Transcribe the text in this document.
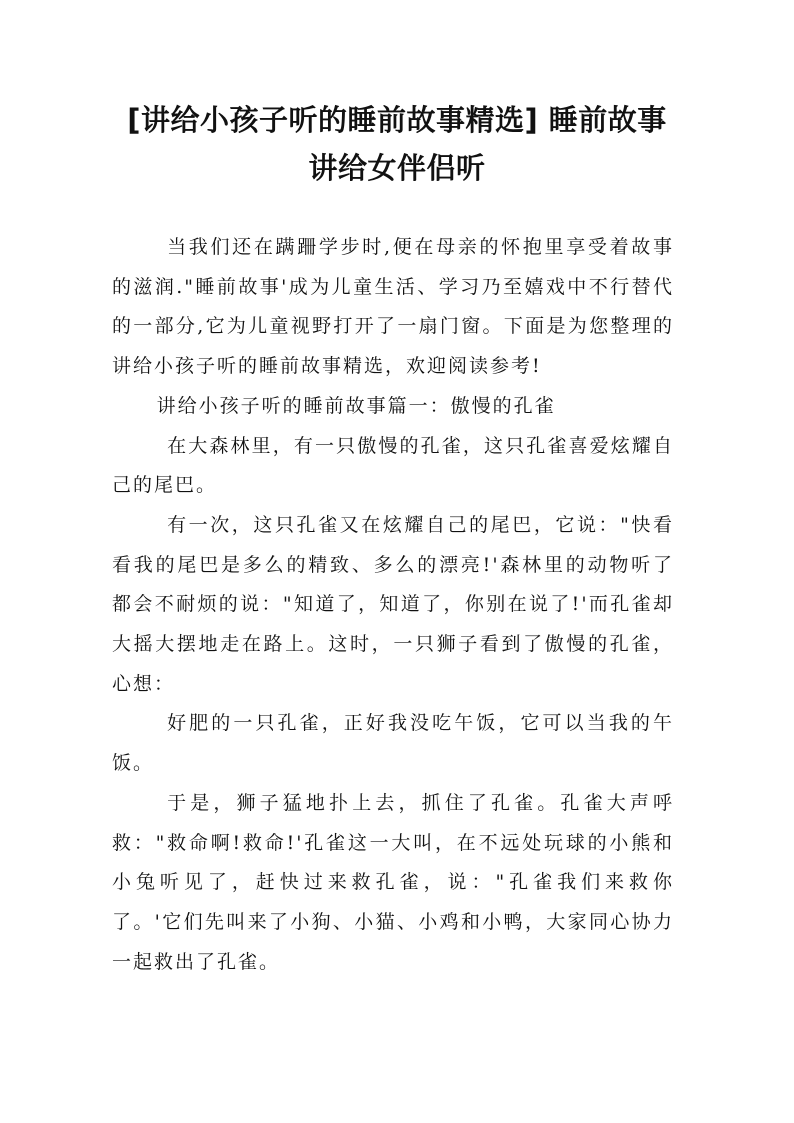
[讲给小孩子听的睡前故事精选] 睡前故事
讲给女伴侣听

当我们还在蹒跚学步时,便在母亲的怀抱里享受着故事的滋润."睡前故事'成为儿童生活、学习乃至嬉戏中不行替代的一部分,它为儿童视野打开了一扇门窗。下面是为您整理的讲给小孩子听的睡前故事精选，欢迎阅读参考!

讲给小孩子听的睡前故事篇一：傲慢的孔雀

在大森林里，有一只傲慢的孔雀，这只孔雀喜爱炫耀自己的尾巴。

有一次，这只孔雀又在炫耀自己的尾巴，它说："快看看我的尾巴是多么的精致、多么的漂亮!'森林里的动物听了都会不耐烦的说："知道了，知道了，你别在说了!'而孔雀却大摇大摆地走在路上。这时，一只狮子看到了傲慢的孔雀，心想：

好肥的一只孔雀，正好我没吃午饭，它可以当我的午饭。

于是，狮子猛地扑上去，抓住了孔雀。孔雀大声呼救："救命啊!救命!'孔雀这一大叫，在不远处玩球的小熊和小兔听见了，赶快过来救孔雀，说："孔雀我们来救你了。'它们先叫来了小狗、小猫、小鸡和小鸭，大家同心协力一起救出了孔雀。
